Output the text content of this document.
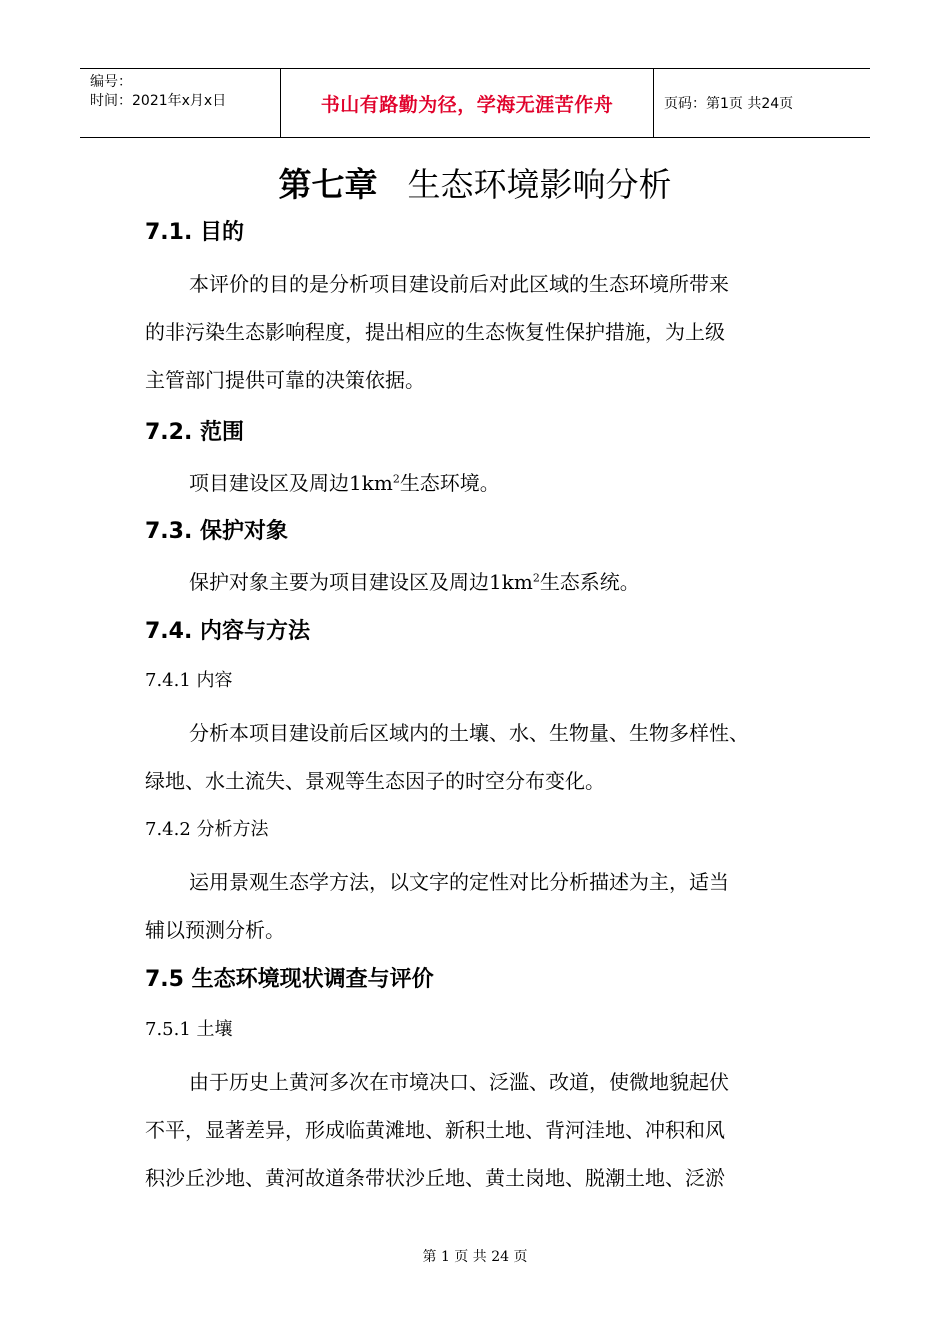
编号：
时间：2021年x月x日	书山有路勤为径，学海无涯苦作舟	页码：第1页 共24页
第七章 生态环境影响分析
7.1. 目的
本评价的目的是分析项目建设前后对此区域的生态环境所带来
的非污染生态影响程度，提出相应的生态恢复性保护措施，为上级
主管部门提供可靠的决策依据。
7.2. 范围
项目建设区及周边$1km^2$生态环境。
7.3. 保护对象
保护对象主要为项目建设区及周边$1km^2$生态系统。
7.4. 内容与方法
7.4.1 内容
分析本项目建设前后区域内的土壤、水、生物量、生物多样性、
绿地、水土流失、景观等生态因子的时空分布变化。
7.4.2 分析方法
运用景观生态学方法，以文字的定性对比分析描述为主，适当
辅以预测分析。
7.5 生态环境现状调查与评价
7.5.1 土壤
由于历史上黄河多次在市境决口、泛滥、改道，使微地貌起伏
不平，显著差异，形成临黄滩地、新积土地、背河洼地、冲积和风
积沙丘沙地、黄河故道条带状沙丘地、黄土岗地、脱潮土地、泛淤
第 1 页 共 24 页
